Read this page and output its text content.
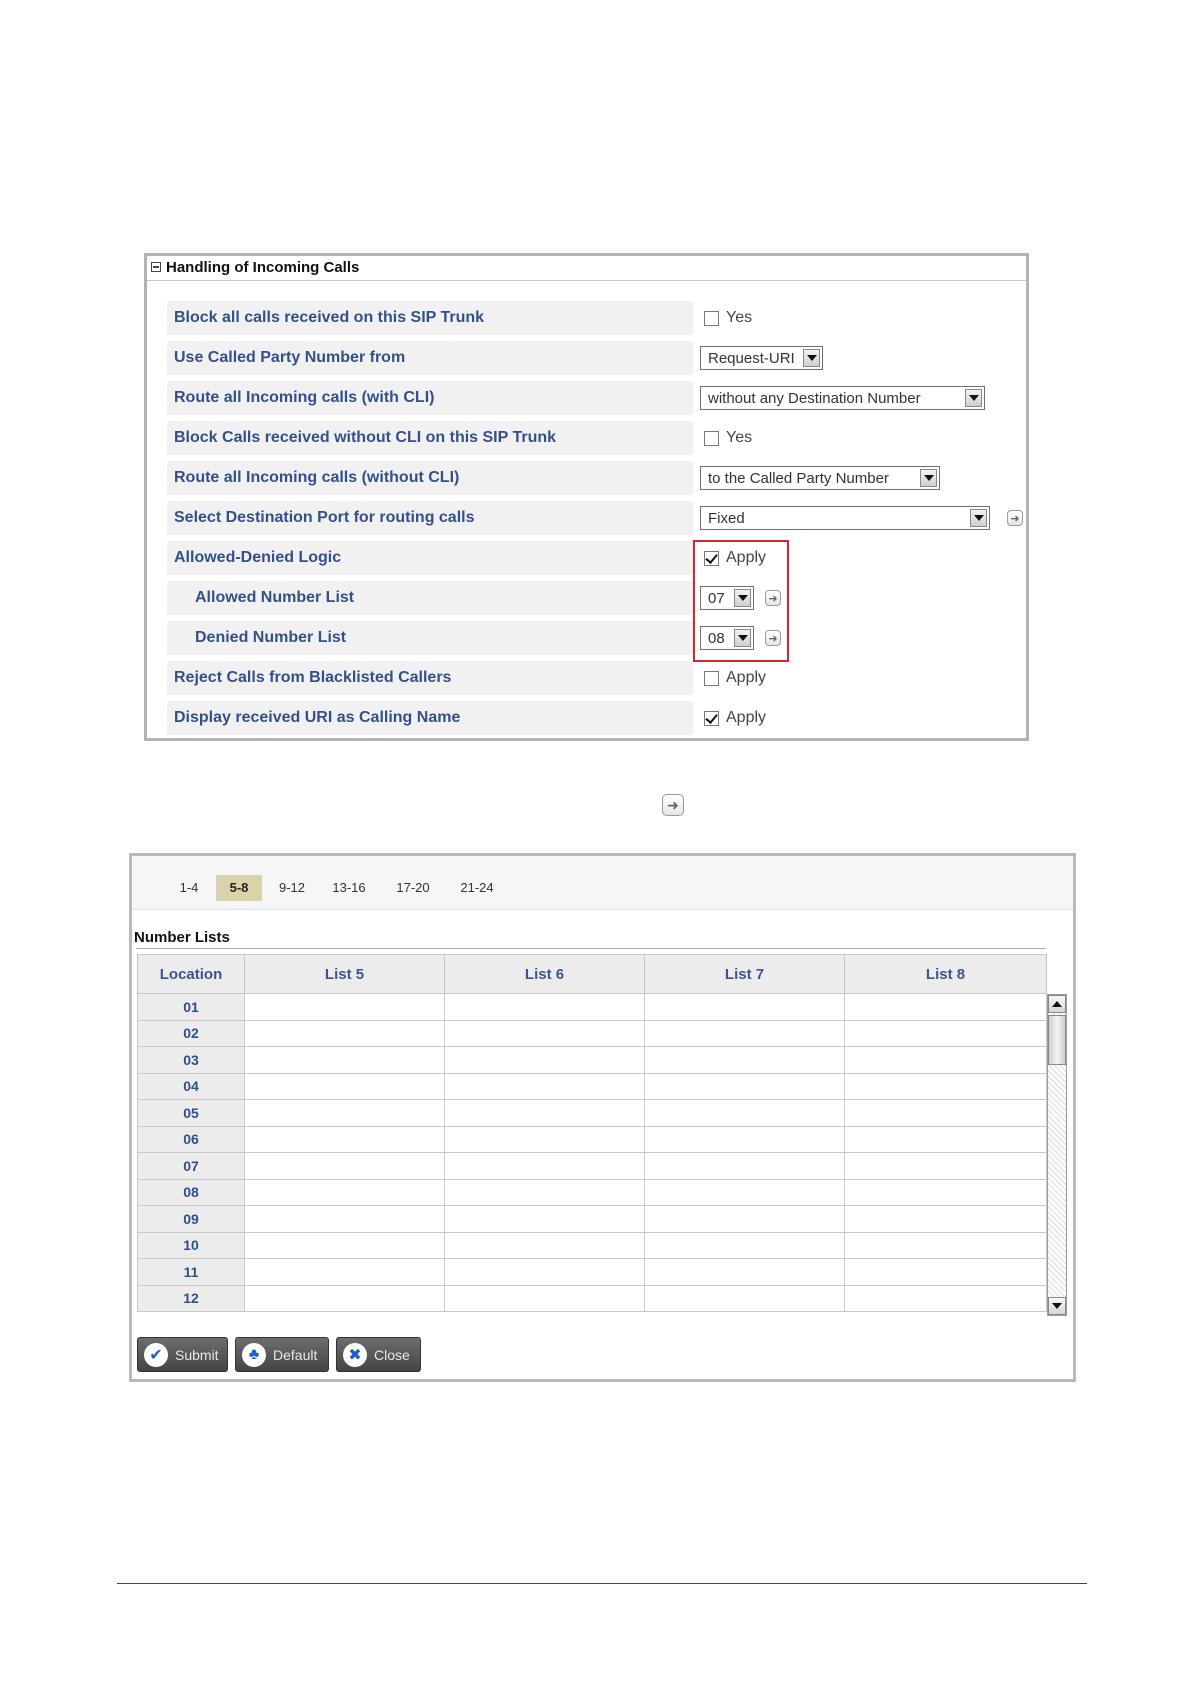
Handling of Incoming Calls
Block all calls received on this SIP Trunk	Yes
Use Called Party Number from	Request-URI
Route all Incoming calls (with CLI)	without any Destination Number
Block Calls received without CLI on this SIP Trunk	Yes
Route all Incoming calls (without CLI)	to the Called Party Number
Select Destination Port for routing calls	Fixed	➜
Allowed-Denied Logic	Apply
Allowed Number List	07	➜
Denied Number List	08	➜
Reject Calls from Blacklisted Callers	Apply
Display received URI as Calling Name	Apply
➜
1-4	5-8	9-12	13-16	17-20	21-24
Number Lists
Location	List 5	List 6	List 7	List 8
01				
02				
03				
04				
05				
06				
07				
08				
09				
10				
11				
12				
✔ Submit	♣ Default	✖ Close
